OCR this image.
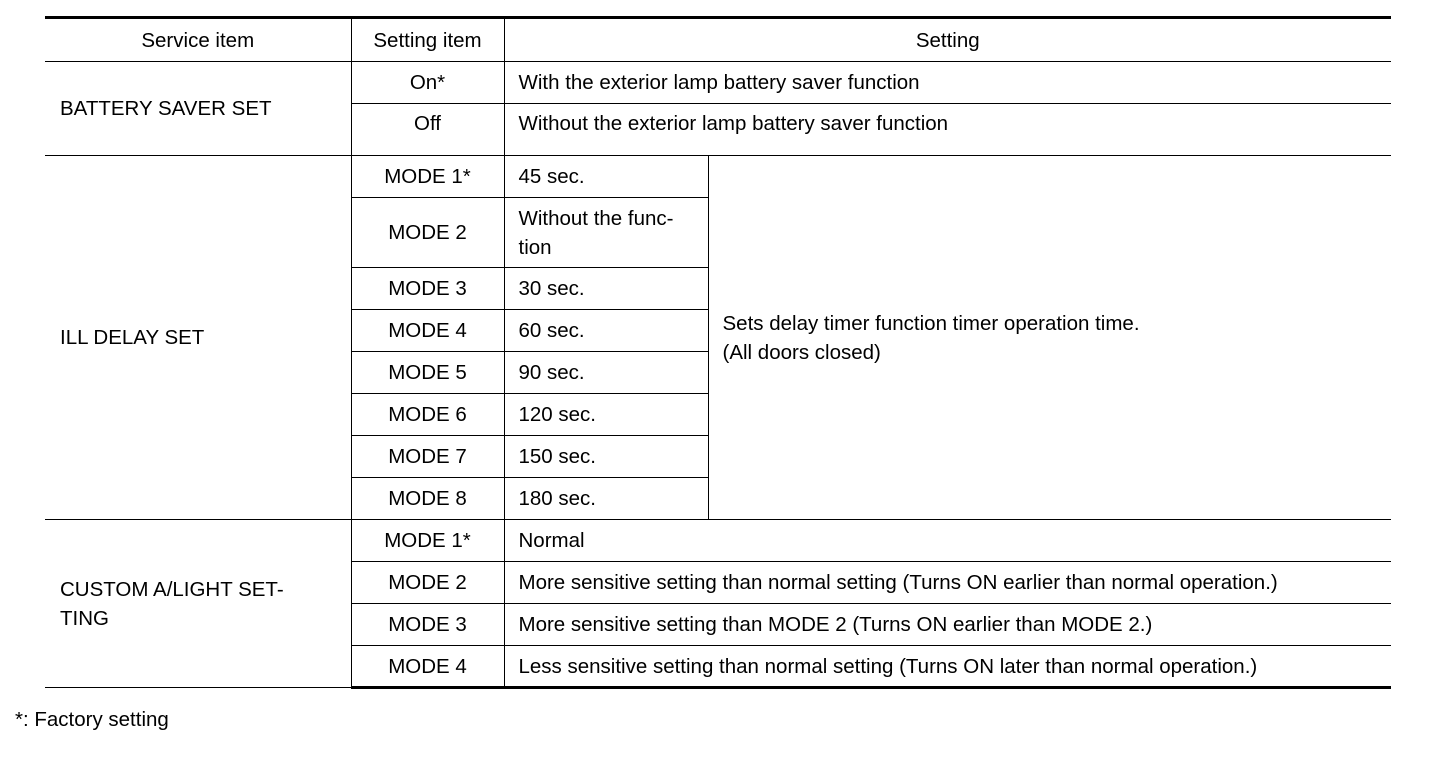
Service item	Setting item	Setting	
BATTERY SAVER SET	On*	With the exterior lamp battery saver function	
	Off	Without the exterior lamp battery saver function	
ILL DELAY SET	MODE 1*	45 sec.	Sets delay timer function timer operation time.
(All doors closed)

	MODE 2	Without the func-
tion	

	MODE 3	30 sec.	
	MODE 4	60 sec.	
	MODE 5	90 sec.	
	MODE 6	120 sec.	
	MODE 7	150 sec.	
	MODE 8	180 sec.	

CUSTOM A/LIGHT SET-
TING	MODE 1*	Normal	
	MODE 2	More sensitive setting than normal setting (Turns ON earlier than normal operation.)	
	MODE 3	More sensitive setting than MODE 2 (Turns ON earlier than MODE 2.)	
	MODE 4	Less sensitive setting than normal setting (Turns ON later than normal operation.)	
*: Factory setting
